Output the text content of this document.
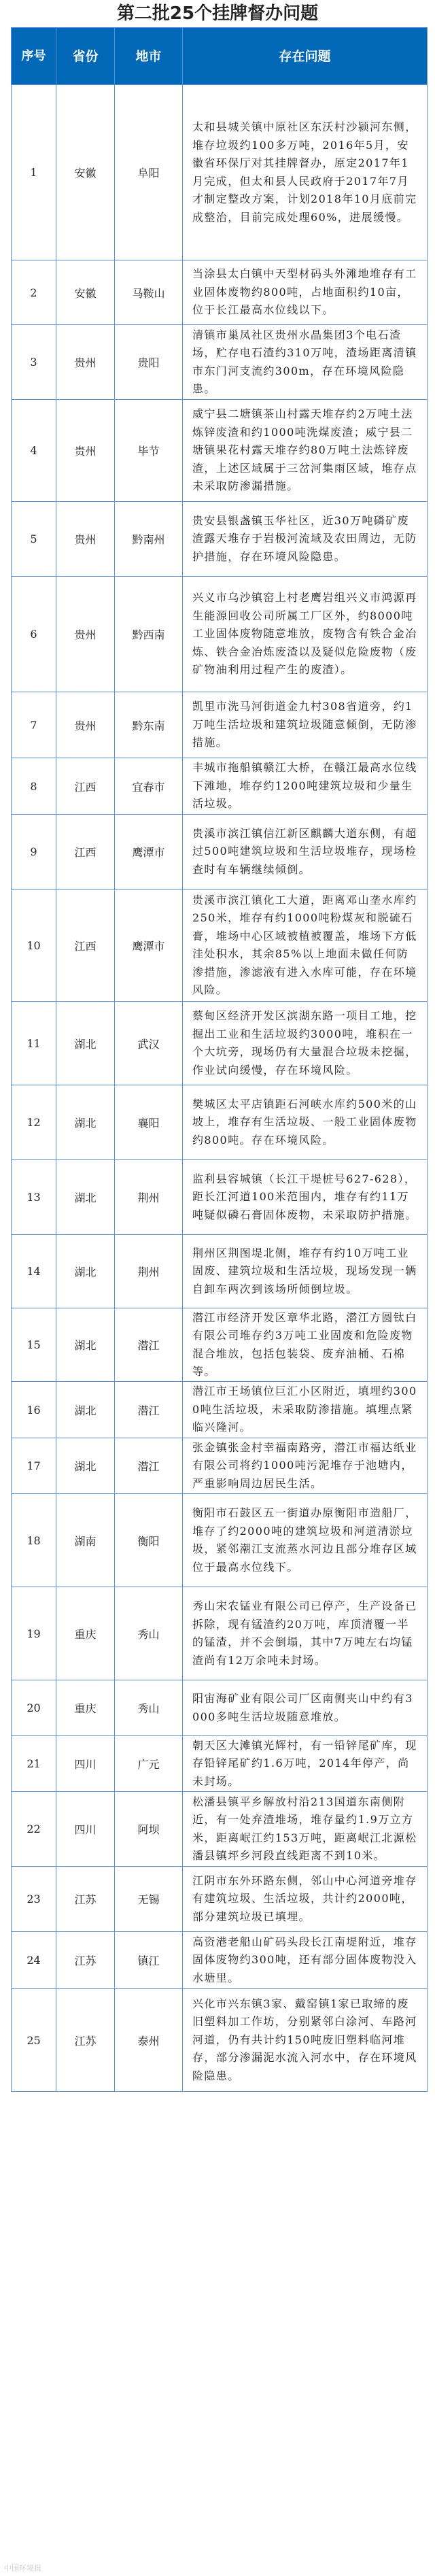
第二批25个挂牌督办问题
序号	省份	地市	存在问题
1	安徽	阜阳	太和县城关镇中原社区东沃村沙颍河东侧，堆存垃圾约100多万吨，2016年5月，安徽省环保厅对其挂牌督办，原定2017年1月完成，但太和县人民政府于2017年7月才制定整改方案，计划2018年10月底前完成整治，目前完成处理60%，进展缓慢。
2	安徽	马鞍山	当涂县太白镇中天型材码头外滩地堆存有工业固体废物约800吨，占地面积约10亩，位于长江最高水位线以下。
3	贵州	贵阳	清镇市巢凤社区贵州水晶集团3个电石渣场，贮存电石渣约310万吨，渣场距离清镇市东门河支流约300m，存在环境风险隐患。
4	贵州	毕节	威宁县二塘镇茶山村露天堆存约2万吨土法炼锌废渣和约1000吨洗煤废渣；威宁县二塘镇果花村露天堆存约80万吨土法炼锌废渣，上述区域属于三岔河集雨区域，堆存点未采取防渗漏措施。
5	贵州	黔南州	贵安县银盏镇玉华社区，近30万吨磷矿废渣露天堆存于岩极河流域及农田周边，无防护措施，存在环境风险隐患。
6	贵州	黔西南	兴义市乌沙镇窑上村老鹰岩组兴义市鸿源再生能源回收公司所属工厂区外，约8000吨工业固体废物随意堆放，废物含有铁合金冶炼、铁合金冶炼废渣以及疑似危险废物（废矿物油利用过程产生的废渣）。
7	贵州	黔东南	凯里市洗马河街道金九村308省道旁，约1万吨生活垃圾和建筑垃圾随意倾倒，无防渗措施。
8	江西	宜春市	丰城市拖船镇赣江大桥，在赣江最高水位线下滩地，堆存约1200吨建筑垃圾和少量生活垃圾。
9	江西	鹰潭市	贵溪市滨江镇信江新区麒麟大道东侧，有超过500吨建筑垃圾和生活垃圾堆存，现场检查时有车辆继续倾倒。
10	江西	鹰潭市	贵溪市滨江镇化工大道，距离邓山垄水库约250米，堆存有约1000吨粉煤灰和脱硫石膏，堆场中心区域被植被覆盖，堆场下方低洼处积水，其余85%以上地面未做任何防渗措施，渗滤液有进入水库可能，存在环境风险。
11	湖北	武汉	蔡甸区经济开发区滨湖东路一项目工地，挖掘出工业和生活垃圾约3000吨，堆积在一个大坑旁，现场仍有大量混合垃圾未挖掘，作业试向缓慢，存在环境风险。
12	湖北	襄阳	樊城区太平店镇距石河峡水库约500米的山坡上，堆存有生活垃圾、一般工业固体废物约800吨。存在环境风险。
13	湖北	荆州	监利县容城镇（长江干堤桩号627-628），距长江河道100米范围内，堆存有约11万吨疑似磷石膏固体废物，未采取防护措施。
14	湖北	荆州	荆州区荆图堤北侧，堆存有约10万吨工业固废、建筑垃圾和生活垃圾，现场发现一辆自卸车两次到该场所倾倒垃圾。
15	湖北	潜江	潜江市经济开发区章华北路，潜江方圆钛白有限公司堆存约3万吨工业固废和危险废物混合堆放，包括包装袋、废弃油桶、石棉等。
16	湖北	潜江	潜江市王场镇位巨汇小区附近，填埋约3000吨生活垃圾，未采取防渗措施。填埋点紧临兴隆河。
17	湖北	潜江	张金镇张金村幸福南路旁，潜江市福达纸业有限公司将约1000吨污泥堆存于池塘内，严重影响周边居民生活。
18	湖南	衡阳	衡阳市石鼓区五一街道办原衡阳市造船厂，堆存了约2000吨的建筑垃圾和河道清淤垃圾，紧邻潮江支流蒸水河边且部分堆存区域位于最高水位线下。
19	重庆	秀山	秀山宋农锰业有限公司已停产，生产设备已拆除，现有锰渣约20万吨，库顶清覆一半的锰渣，并不会倒塌，其中7万吨左右均锰渣尚有12万余吨未封场。
20	重庆	秀山	阳宙海矿业有限公司厂区南侧夹山中约有3000多吨生活垃圾随意堆放。
21	四川	广元	朝天区大滩镇光辉村，有一铅锌尾矿库，现存铅锌尾矿约1.6万吨，2014年停产，尚未封场。
22	四川	阿坝	松潘县镇平乡解放村沿213国道东南侧附近，有一处弃渣堆场，堆存量约1.9万立方米，距离岷江约153万吨，距离岷江北源松潘县镇坪乡河段直线距离不到10米。
23	江苏	无锡	江阴市东外环路东侧，邻山中心河道旁堆存有建筑垃圾、生活垃圾，共计约2000吨，部分建筑垃圾已填埋。
24	江苏	镇江	高资港老船山矿码头段长江南堤附近，堆存固体废物约300吨，还有部分固体废物没入水塘里。
25	江苏	泰州	兴化市兴东镇3家、戴窑镇1家已取缔的废旧塑料加工作坊，分别紧邻白涂河、车路河河道，仍有共计约150吨废旧塑料临河堆存，部分渗漏泥水流入河水中，存在环境风险隐患。
中国环境报
